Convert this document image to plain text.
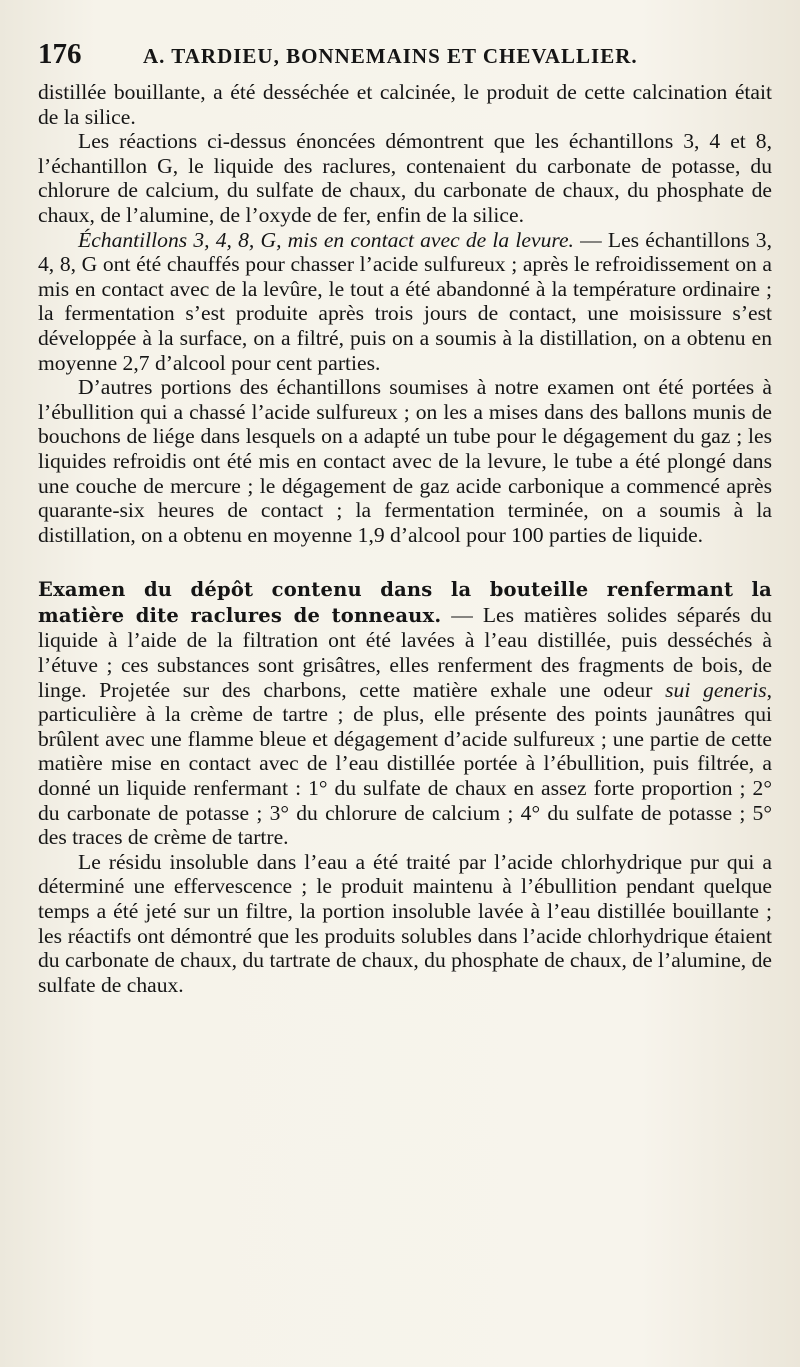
176	A. TARDIEU, BONNEMAINS ET CHEVALLIER.

distillée bouillante, a été desséchée et calcinée, le produit de cette calcination était de la silice.

Les réactions ci-dessus énoncées démontrent que les échantillons 3, 4 et 8, l’échantillon G, le liquide des raclures, contenaient du carbonate de potasse, du chlorure de calcium, du sulfate de chaux, du carbonate de chaux, du phosphate de chaux, de l’alumine, de l’oxyde de fer, enfin de la silice.

Échantillons 3, 4, 8, G, mis en contact avec de la levure. — Les échantillons 3, 4, 8, G ont été chauffés pour chasser l’acide sulfureux ; après le refroidissement on a mis en contact avec de la levûre, le tout a été abandonné à la température ordinaire ; la fermentation s’est produite après trois jours de contact, une moisissure s’est développée à la surface, on a filtré, puis on a soumis à la distillation, on a obtenu en moyenne 2,7 d’alcool pour cent parties.

D’autres portions des échantillons soumises à notre examen ont été portées à l’ébullition qui a chassé l’acide sulfureux ; on les a mises dans des ballons munis de bouchons de liége dans lesquels on a adapté un tube pour le dégagement du gaz ; les liquides refroidis ont été mis en contact avec de la levure, le tube a été plongé dans une couche de mercure ; le dégagement de gaz acide carbonique a commencé après quarante-six heures de contact ; la fermentation terminée, on a soumis à la distillation, on a obtenu en moyenne 1,9 d’alcool pour 100 parties de liquide.

Examen du dépôt contenu dans la bouteille renfermant la matière dite raclures de tonneaux. — Les matières solides séparés du liquide à l’aide de la filtration ont été lavées à l’eau distillée, puis desséchés à l’étuve ; ces substances sont grisâtres, elles renferment des fragments de bois, de linge. Projetée sur des charbons, cette matière exhale une odeur sui generis, particulière à la crème de tartre ; de plus, elle présente des points jaunâtres qui brûlent avec une flamme bleue et dégagement d’acide sulfureux ; une partie de cette matière mise en contact avec de l’eau distillée portée à l’ébullition, puis filtrée, a donné un liquide renfermant : 1° du sulfate de chaux en assez forte proportion ; 2° du carbonate de potasse ; 3° du chlorure de calcium ; 4° du sulfate de potasse ; 5° des traces de crème de tartre.

Le résidu insoluble dans l’eau a été traité par l’acide chlorhydrique pur qui a déterminé une effervescence ; le produit maintenu à l’ébullition pendant quelque temps a été jeté sur un filtre, la portion insoluble lavée à l’eau distillée bouillante ; les réactifs ont démontré que les produits solubles dans l’acide chlorhydrique étaient du carbonate de chaux, du tartrate de chaux, du phosphate de chaux, de l’alumine, de sulfate de chaux.
